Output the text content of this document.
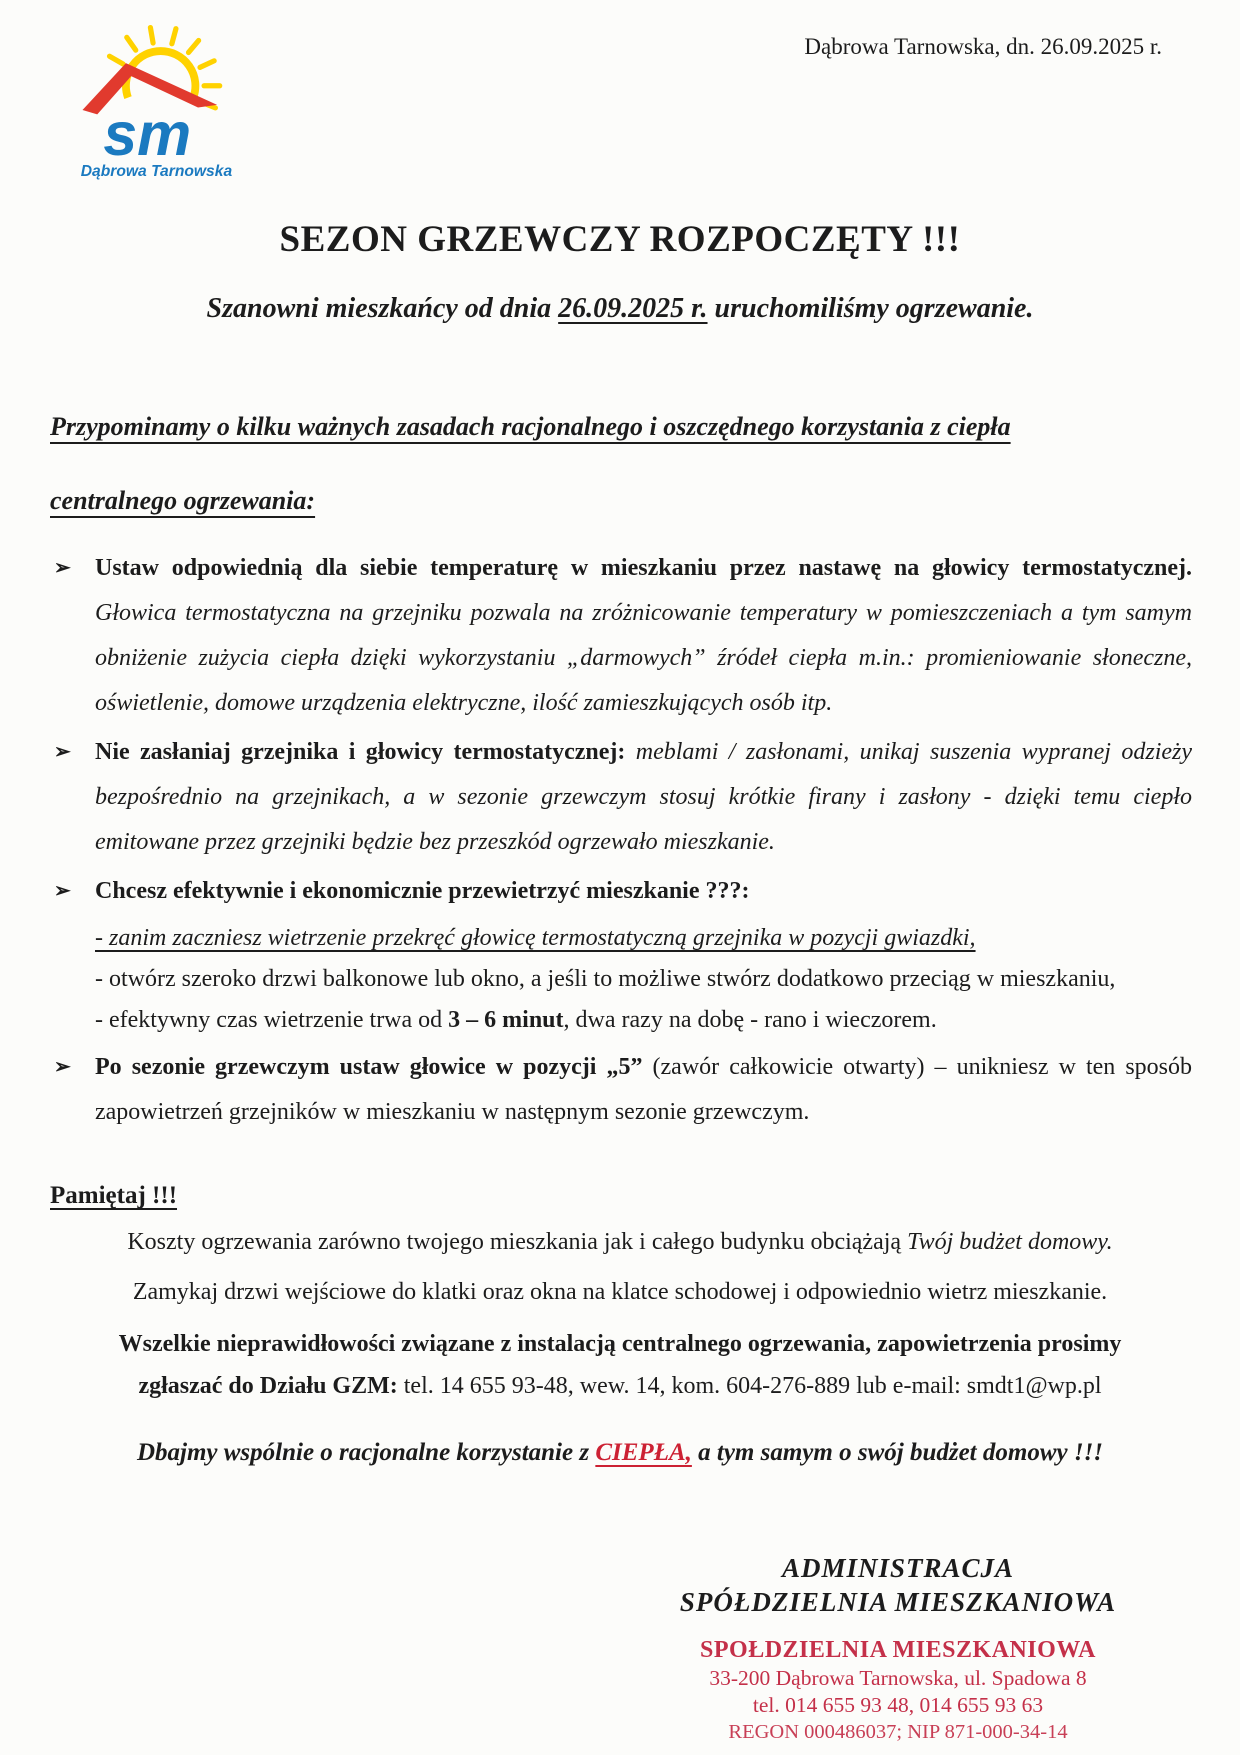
sm
Dąbrowa Tarnowska
Dąbrowa Tarnowska, dn. 26.09.2025 r.
SEZON GRZEWCZY ROZPOCZĘTY !!!
Szanowni mieszkańcy od dnia 26.09.2025 r. uruchomiliśmy ogrzewanie.
Przypominamy o kilku ważnych zasadach racjonalnego i oszczędnego korzystania z ciepła
centralnego ogrzewania:
➢ Ustaw odpowiednią dla siebie temperaturę w mieszkaniu przez nastawę na głowicy termostatycznej. Głowica termostatyczna na grzejniku pozwala na zróżnicowanie temperatury w pomieszczeniach a tym samym obniżenie zużycia ciepła dzięki wykorzystaniu „darmowych” źródeł ciepła m.in.: promieniowanie słoneczne, oświetlenie, domowe urządzenia elektryczne, ilość zamieszkujących osób itp.
➢ Nie zasłaniaj grzejnika i głowicy termostatycznej: meblami / zasłonami, unikaj suszenia wypranej odzieży bezpośrednio na grzejnikach, a w sezonie grzewczym stosuj krótkie firany i zasłony - dzięki temu ciepło emitowane przez grzejniki będzie bez przeszkód ogrzewało mieszkanie.
➢ Chcesz efektywnie i ekonomicznie przewietrzyć mieszkanie ???:
- zanim zaczniesz wietrzenie przekręć głowicę termostatyczną grzejnika w pozycji gwiazdki,
- otwórz szeroko drzwi balkonowe lub okno, a jeśli to możliwe stwórz dodatkowo przeciąg w mieszkaniu,
- efektywny czas wietrzenie trwa od 3 – 6 minut, dwa razy na dobę - rano i wieczorem.
➢ Po sezonie grzewczym ustaw głowice w pozycji „5” (zawór całkowicie otwarty) – unikniesz w ten sposób zapowietrzeń grzejników w mieszkaniu w następnym sezonie grzewczym.
Pamiętaj !!!

Koszty ogrzewania zarówno twojego mieszkania jak i całego budynku obciążają Twój budżet domowy.

Zamykaj drzwi wejściowe do klatki oraz okna na klatce schodowej i odpowiednio wietrz mieszkanie.

Wszelkie nieprawidłowości związane z instalacją centralnego ogrzewania, zapowietrzenia prosimy
zgłaszać do Działu GZM: tel. 14 655 93-48, wew. 14, kom. 604-276-889 lub e-mail: smdt1@wp.pl

Dbajmy wspólnie o racjonalne korzystanie z CIEPŁA, a tym samym o swój budżet domowy !!!
ADMINISTRACJA
SPÓŁDZIELNIA MIESZKANIOWA
SPOŁDZIELNIA MIESZKANIOWA
33-200 Dąbrowa Tarnowska, ul. Spadowa 8
tel. 014 655 93 48, 014 655 93 63
REGON 000486037; NIP 871-000-34-14
